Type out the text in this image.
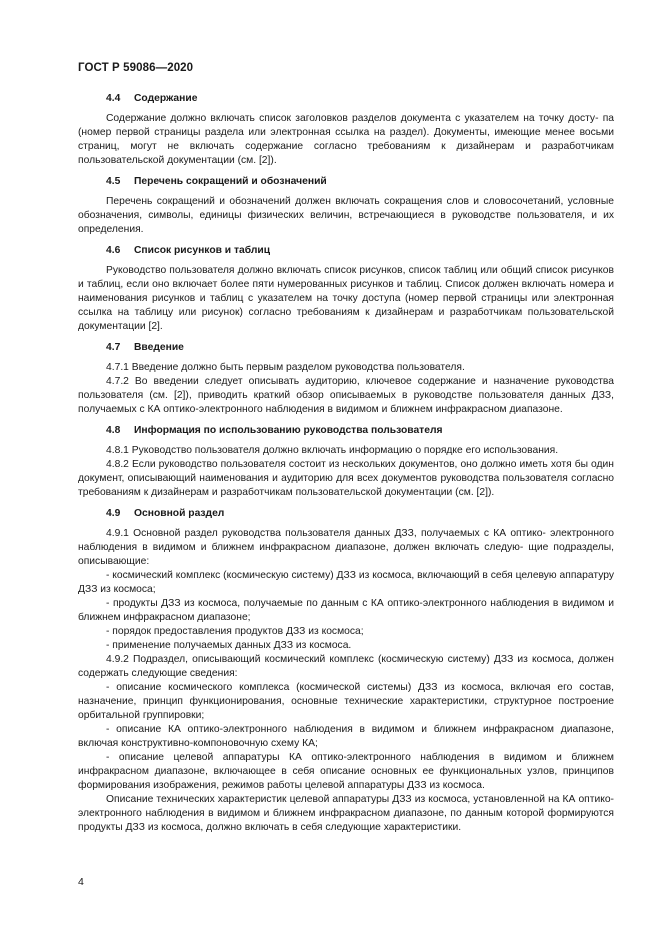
ГОСТ Р 59086—2020
4.4 Содержание

Содержание должно включать список заголовков разделов документа с указателем на точку досту- па (номер первой страницы раздела или электронная ссылка на раздел). Документы, имеющие менее восьми страниц, могут не включать содержание согласно требованиям к дизайнерам и разработчикам пользовательской документации (см. [2]).

4.5 Перечень сокращений и обозначений

Перечень сокращений и обозначений должен включать сокращения слов и словосочетаний, условные обозначения, символы, единицы физических величин, встречающиеся в руководстве пользователя, и их определения.

4.6 Список рисунков и таблиц

Руководство пользователя должно включать список рисунков, список таблиц или общий список рисунков и таблиц, если оно включает более пяти нумерованных рисунков и таблиц. Список должен включать номера и наименования рисунков и таблиц с указателем на точку доступа (номер первой страницы или электронная ссылка на таблицу или рисунок) согласно требованиям к дизайнерам и разработчикам пользовательской документации [2].

4.7 Введение

4.7.1 Введение должно быть первым разделом руководства пользователя.

4.7.2 Во введении следует описывать аудиторию, ключевое содержание и назначение руководства пользователя (см. [2]), приводить краткий обзор описываемых в руководстве пользователя данных ДЗЗ, получаемых с КА оптико-электронного наблюдения в видимом и ближнем инфракрасном диапазоне.

4.8 Информация по использованию руководства пользователя

4.8.1 Руководство пользователя должно включать информацию о порядке его использования.

4.8.2 Если руководство пользователя состоит из нескольких документов, оно должно иметь хотя бы один документ, описывающий наименования и аудиторию для всех документов руководства пользователя согласно требованиям к дизайнерам и разработчикам пользовательской документации (см. [2]).

4.9 Основной раздел

4.9.1 Основной раздел руководства пользователя данных ДЗЗ, получаемых с КА оптико- электронного наблюдения в видимом и ближнем инфракрасном диапазоне, должен включать следую- щие подразделы, описывающие:

- космический комплекс (космическую систему) ДЗЗ из космоса, включающий в себя целевую аппаратуру ДЗЗ из космоса;

- продукты ДЗЗ из космоса, получаемые по данным с КА оптико-электронного наблюдения в видимом и ближнем инфракрасном диапазоне;

- порядок предоставления продуктов ДЗЗ из космоса;

- применение получаемых данных ДЗЗ из космоса.

4.9.2 Подраздел, описывающий космический комплекс (космическую систему) ДЗЗ из космоса, должен содержать следующие сведения:

- описание космического комплекса (космической системы) ДЗЗ из космоса, включая его состав, назначение, принцип функционирования, основные технические характеристики, структурное построение орбитальной группировки;

- описание КА оптико-электронного наблюдения в видимом и ближнем инфракрасном диапазоне, включая конструктивно-компоновочную схему КА;

- описание целевой аппаратуры КА оптико-электронного наблюдения в видимом и ближнем инфракрасном диапазоне, включающее в себя описание основных ее функциональных узлов, принципов формирования изображения, режимов работы целевой аппаратуры ДЗЗ из космоса.

Описание технических характеристик целевой аппаратуры ДЗЗ из космоса, установленной на КА оптико-электронного наблюдения в видимом и ближнем инфракрасном диапазоне, по данным которой формируются продукты ДЗЗ из космоса, должно включать в себя следующие характеристики.

4
